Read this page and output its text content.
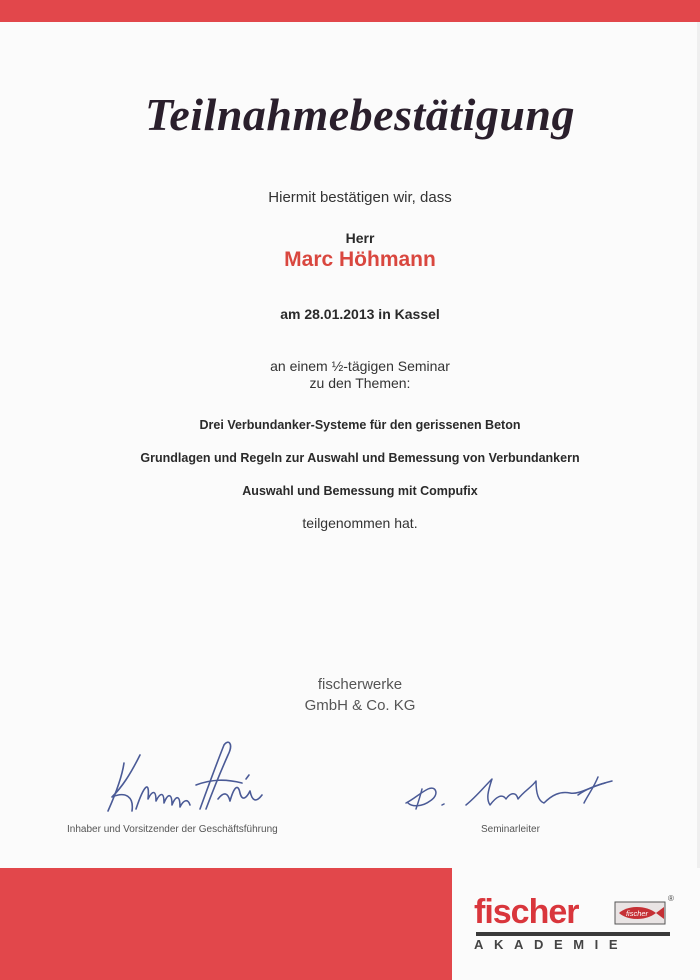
Teilnahmebestätigung
Hiermit bestätigen wir, dass
Herr
Marc Höhmann
am 28.01.2013 in Kassel
an einem ½-tägigen Seminar
zu den Themen:
Drei Verbundanker-Systeme für den gerissenen Beton
Grundlagen und Regeln zur Auswahl und Bemessung von Verbundankern
Auswahl und Bemessung mit Compufix
teilgenommen hat.
fischerwerke
GmbH & Co. KG
Inhaber und Vorsitzender der Geschäftsführung	Seminarleiter
fischer	fischer
®
AKADEMIE
